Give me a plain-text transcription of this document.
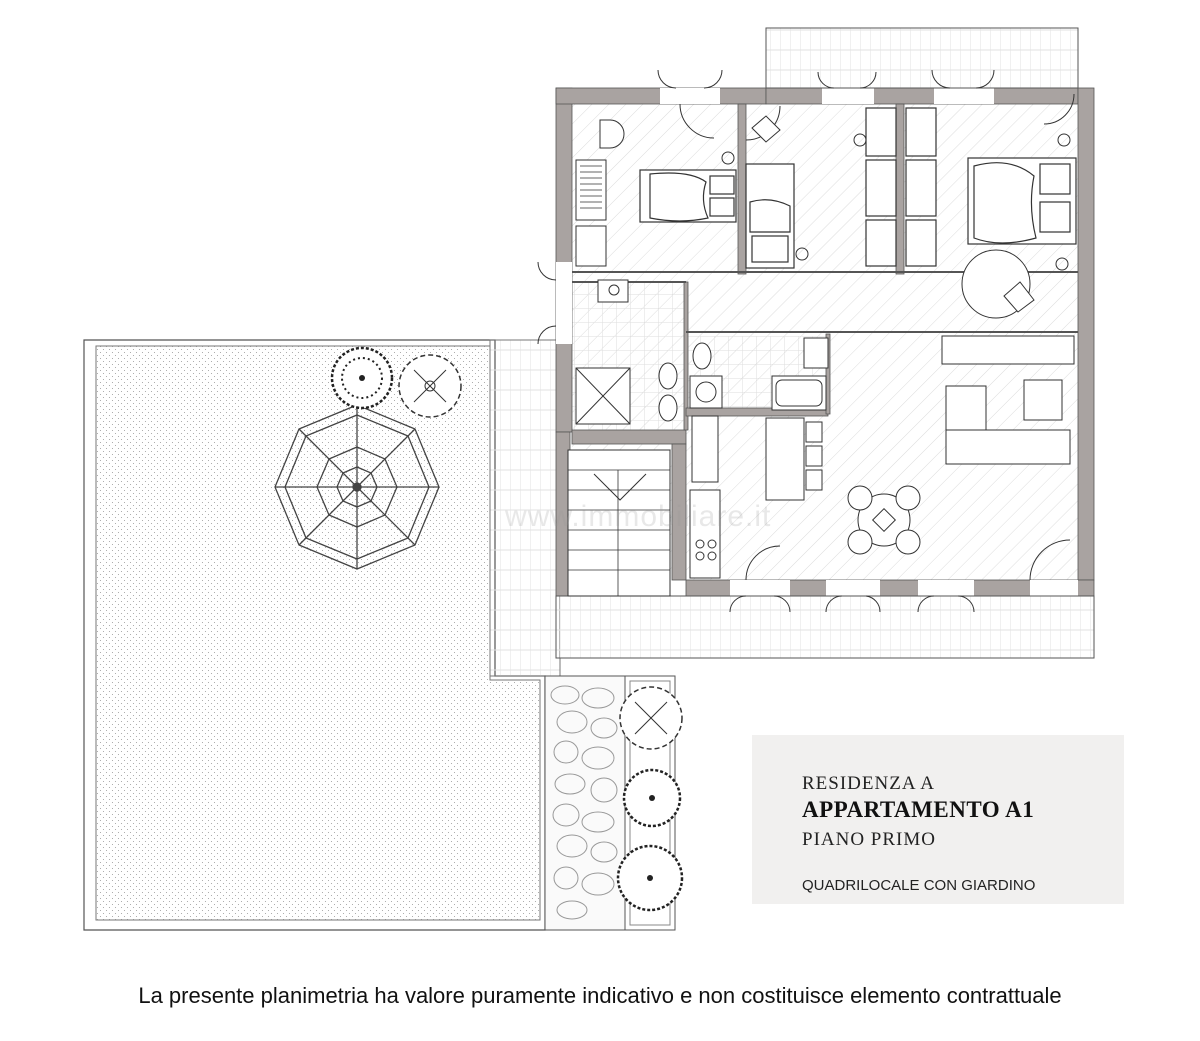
www.immobiliare.it
RESIDENZA A
APPARTAMENTO A1
PIANO PRIMO
QUADRILOCALE CON GIARDINO
La presente planimetria ha valore puramente indicativo e non costituisce elemento contrattuale
